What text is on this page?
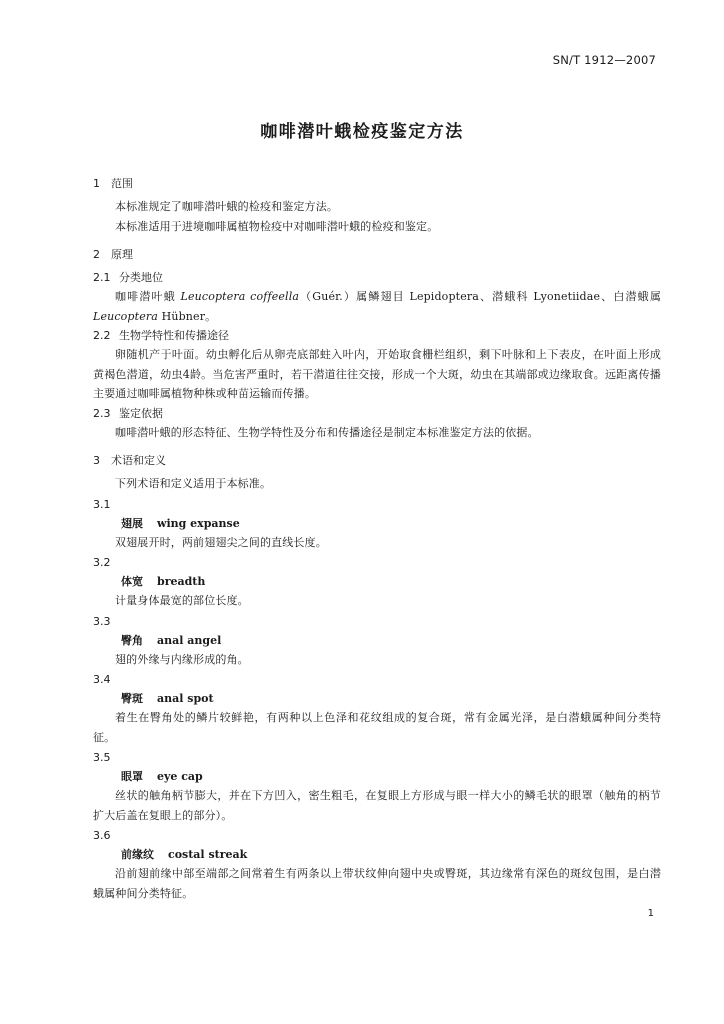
SN/T 1912—2007
咖啡潜叶蛾检疫鉴定方法
1 范围

本标准规定了咖啡潜叶蛾的检疫和鉴定方法。

本标准适用于进境咖啡属植物检疫中对咖啡潜叶蛾的检疫和鉴定。

2 原理
2.1 分类地位

咖啡潜叶蛾 Leucoptera coffeella（Guér.）属鳞翅目 Lepidoptera、潜蛾科 Lyonetiidae、白潜蛾属 Leucoptera Hübner。

2.2 生物学特性和传播途径

卵随机产于叶面。幼虫孵化后从卵壳底部蛀入叶内，开始取食栅栏组织，剩下叶脉和上下表皮，在叶面上形成黄褐色潜道，幼虫4龄。当危害严重时，若干潜道往往交接，形成一个大斑，幼虫在其端部或边缘取食。远距离传播主要通过咖啡属植物种株或种苗运输而传播。

2.3 鉴定依据

咖啡潜叶蛾的形态特征、生物学特性及分布和传播途径是制定本标准鉴定方法的依据。

3 术语和定义

下列术语和定义适用于本标准。

3.1
翅展 wing expanse

双翅展开时，两前翅翅尖之间的直线长度。

3.2
体宽 breadth

计量身体最宽的部位长度。

3.3
臀角 anal angel

翅的外缘与内缘形成的角。

3.4
臀斑 anal spot

着生在臀角处的鳞片较鲜艳，有两种以上色泽和花纹组成的复合斑，常有金属光泽，是白潜蛾属种间分类特征。

3.5
眼罩 eye cap

丝状的触角柄节膨大，并在下方凹入，密生粗毛，在复眼上方形成与眼一样大小的鳞毛状的眼罩（触角的柄节扩大后盖在复眼上的部分）。

3.6
前缘纹 costal streak

沿前翅前缘中部至端部之间常着生有两条以上带状纹伸向翅中央或臀斑，其边缘常有深色的斑纹包围，是白潜蛾属种间分类特征。

1
